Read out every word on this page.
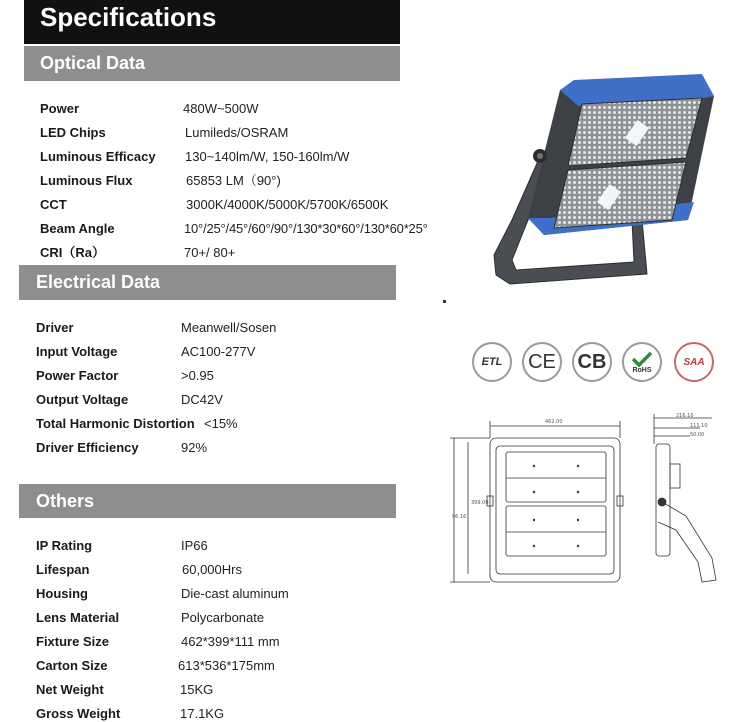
Specifications
Optical Data
Power	480W~500W
LED Chips	Lumileds/OSRAM
Luminous Efficacy 130~140lm/W, 150-160lm/W
Luminous Flux	65853 LM（90°)
CCT	3000K/4000K/5000K/5700K/6500K
Beam Angle	10°/25°/45°/60°/90°/130*30*60°/130*60*25°
CRI（Ra）	70+/ 80+
Electrical Data
Driver	Meanwell/Sosen
Input Voltage	AC100-277V
Power Factor	>0.95
Output Voltage	DC42V
Total Harmonic Distortion <15%
Driver Efficiency	92%
Others
IP Rating	IP66
Lifespan	60,000Hrs
Housing	Die-cast aluminum
Lens Material	Polycarbonate
Fixture Size	462*399*111 mm
Carton Size	613*536*175mm
Net Weight	15KG
Gross Weight	17.1KG
ETL CE CB	RoHS
SAA
462.00
399.00
96.16
216.10
111.10
50.00
